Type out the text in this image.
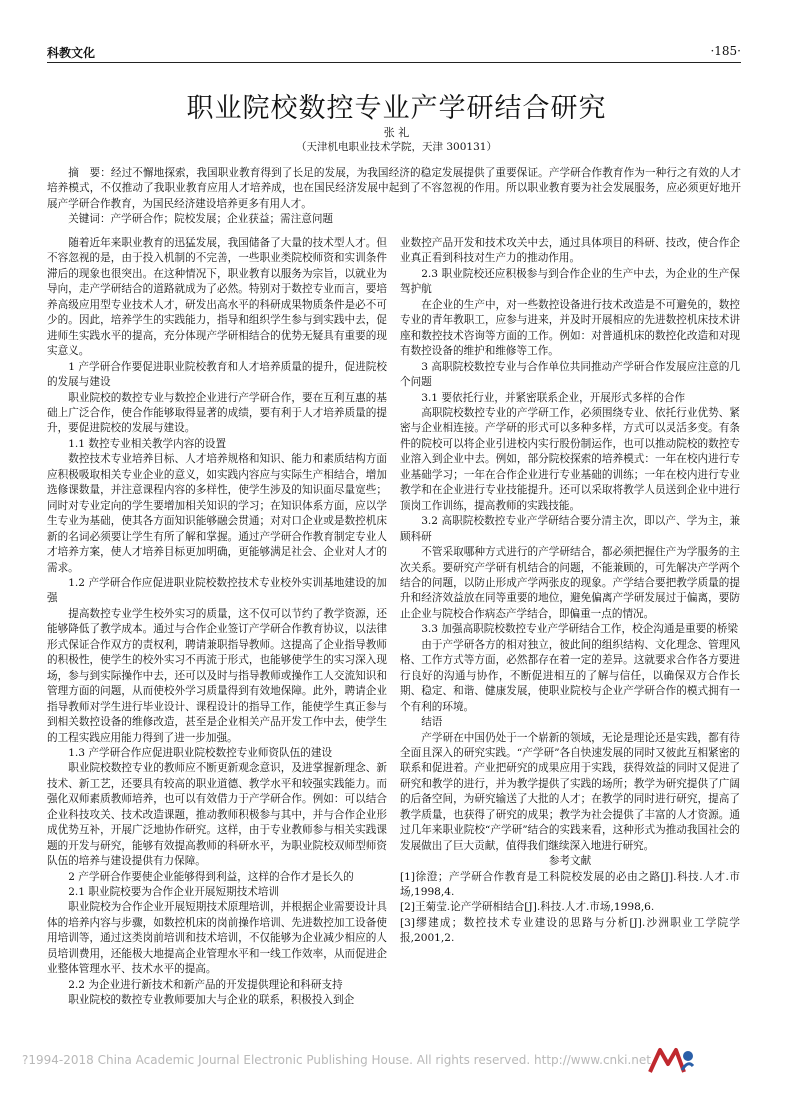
科教文化	·185·
职业院校数控专业产学研结合研究
张 礼
（天津机电职业技术学院，天津 300131）
摘　要：经过不懈地探索，我国职业教育得到了长足的发展，为我国经济的稳定发展提供了重要保证。产学研合作教育作为一种行之有效的人才培养模式，不仅推动了我职业教育应用人才培养成，也在国民经济发展中起到了不容忽视的作用。所以职业教育要为社会发展服务，应必须更好地开展产学研合作教育，为国民经济建设培养更多有用人才。
关键词：产学研合作；院校发展；企业获益；需注意问题

随着近年来职业教育的迅猛发展，我国储备了大量的技术型人才。但不容忽视的是，由于投入机制的不完善，一些职业类院校师资和实训条件滞后的现象也很突出。在这种情况下，职业教育以服务为宗旨，以就业为导向，走产学研结合的道路就成为了必然。特别对于数控专业而言，要培养高级应用型专业技术人才，研发出高水平的科研成果物质条件是必不可少的。因此，培养学生的实践能力，指导和组织学生参与到实践中去，促进师生实践水平的提高，充分体现产学研相结合的优势无疑具有重要的现实意义。

1 产学研合作要促进职业院校教育和人才培养质量的提升，促进院校的发展与建设

职业院校的数控专业与数控企业进行产学研合作，要在互利互惠的基础上广泛合作，使合作能够取得显著的成绩，要有利于人才培养质量的提升，要促进院校的发展与建设。

1.1 数控专业相关教学内容的设置

数控技术专业培养目标、人才培养规格和知识、能力和素质结构方面应积极吸取相关专业企业的意义，如实践内容应与实际生产相结合，增加选修课数量，并注意课程内容的多样性，使学生涉及的知识面尽量宽些；同时对专业定向的学生要增加相关知识的学习；在知识体系方面，应以学生专业为基础，使其各方面知识能够融会贯通；对对口企业或是数控机床新的名词必须要让学生有所了解和掌握。通过产学研合作教育制定专业人才培养方案，使人才培养目标更加明确，更能够满足社会、企业对人才的需求。

1.2 产学研合作应促进职业院校数控技术专业校外实训基地建设的加强

提高数控专业学生校外实习的质量，这不仅可以节约了教学资源，还能够降低了教学成本。通过与合作企业签订产学研合作教育协议，以法律形式保证合作双方的责权利，聘请兼职指导教师。这提高了企业指导教师的积极性，使学生的校外实习不再流于形式，也能够使学生的实习深入现场，参与到实际操作中去，还可以及时与指导教师或操作工人交流知识和管理方面的问题，从而使校外学习质量得到有效地保障。此外，聘请企业指导教师对学生进行毕业设计、课程设计的指导工作，能使学生真正参与到相关数控设备的维修改造，甚至是企业相关产品开发工作中去，使学生的工程实践应用能力得到了进一步加强。

1.3 产学研合作应促进职业院校数控专业师资队伍的建设

职业院校数控专业的教师应不断更新观念意识，及进掌握新理念、新技术、新工艺，还要具有较高的职业道德、教学水平和较强实践能力。而强化双师素质教师培养，也可以有效借力于产学研合作。例如：可以结合企业科技攻关、技术改造课题，推动教师积极参与其中，并与合作企业形成优势互补，开展广泛地协作研究。这样，由于专业教师参与相关实践课题的开发与研究，能够有效提高教师的科研水平，为职业院校双师型师资队伍的培养与建设提供有力保障。

2 产学研合作要使企业能够得到利益，这样的合作才是长久的

2.1 职业院校要为合作企业开展短期技术培训

职业院校为合作企业开展短期技术原理培训，并根据企业需要设计具体的培养内容与步骤，如数控机床的岗前操作培训、先进数控加工设备使用培训等，通过这类岗前培训和技术培训，不仅能够为企业减少相应的人员培训费用，还能极大地提高企业管理水平和一线工作效率，从而促进企业整体管理水平、技术水平的提高。

2.2 为企业进行新技术和新产品的开发提供理论和科研支持

职业院校的数控专业教师要加大与企业的联系，积极投入到企

业数控产品开发和技术攻关中去，通过具体项目的科研、技改，使合作企业真正看到科技对生产力的推动作用。

2.3 职业院校还应积极参与到合作企业的生产中去，为企业的生产保驾护航

在企业的生产中，对一些数控设备进行技术改造是不可避免的，数控专业的青年教职工，应参与进来，并及时开展相应的先进数控机床技术讲座和数控技术咨询等方面的工作。例如：对普通机床的数控化改造和对现有数控设备的维护和维修等工作。

3 高职院校数控专业与合作单位共同推动产学研合作发展应注意的几个问题

3.1 要依托行业，并紧密联系企业，开展形式多样的合作

高职院校数控专业的产学研工作，必须围绕专业、依托行业优势、紧密与企业相连接。产学研的形式可以多种多样，方式可以灵活多变。有条件的院校可以将企业引进校内实行股份制运作，也可以推动院校的数控专业溶入到企业中去。例如，部分院校探索的培养模式：一年在校内进行专业基础学习；一年在合作企业进行专业基础的训练；一年在校内进行专业教学和在企业进行专业技能提升。还可以采取将教学人员送到企业中进行顶岗工作训练，提高教师的实践技能。

3.2 高职院校数控专业产学研结合要分清主次，即以产、学为主，兼顾科研

不管采取哪种方式进行的产学研结合，都必须把握住产为学服务的主次关系。要研究产学研有机结合的问题，不能兼顾的，可先解决产学两个结合的问题，以防止形成产学两张皮的现象。产学结合要把教学质量的提升和经济效益放在同等重要的地位，避免偏离产学研发展过于偏离，要防止企业与院校合作病态产学结合，即偏重一点的情况。

3.3 加强高职院校数控专业产学研结合工作，校企沟通是重要的桥梁

由于产学研各方的相对独立，彼此间的组织结构、文化理念、管理风格、工作方式等方面，必然都存在着一定的差异。这就要求合作各方要进行良好的沟通与协作，不断促进相互的了解与信任，以确保双方合作长期、稳定、和谐、健康发展，使职业院校与企业产学研合作的模式拥有一个有利的环境。

结语

产学研在中国仍处于一个崭新的领域，无论是理论还是实践，都有待全面且深入的研究实践。“产学研”各自快速发展的同时又彼此互相紧密的联系和促进着。产业把研究的成果应用于实践，获得效益的同时又促进了研究和教学的进行，并为教学提供了实践的场所；教学为研究提供了广阔的后备空间，为研究输送了大批的人才；在教学的同时进行研究，提高了教学质量，也获得了研究的成果；教学为社会提供了丰富的人才资源。通过几年来职业院校“产学研”结合的实践来看，这种形式为推动我国社会的发展做出了巨大贡献，值得我们继续深入地进行研究。

参考文献

[1]徐澄；产学研合作教育是工科院校发展的必由之路[J].科技.人才.市场,1998,4.

[2]王菊莹.论产学研相结合[J].科技.人才.市场,1998,6.

[3]缪建成；数控技术专业建设的思路与分析[J].沙洲职业工学院学报,2001,2.

?1994-2018 China Academic Journal Electronic Publishing House. All rights reserved. http://www.cnki.net
